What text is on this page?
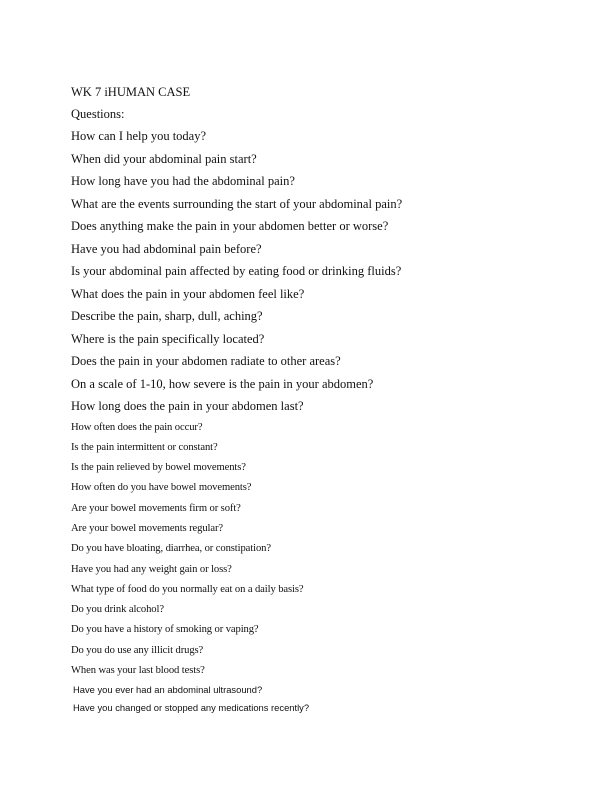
WK 7 iHUMAN CASE
Questions:
How can I help you today?
When did your abdominal pain start?
How long have you had the abdominal pain?
What are the events surrounding the start of your abdominal pain?
Does anything make the pain in your abdomen better or worse?
Have you had abdominal pain before?
Is your abdominal pain affected by eating food or drinking fluids?
What does the pain in your abdomen feel like?
Describe the pain, sharp, dull, aching?
Where is the pain specifically located?
Does the pain in your abdomen radiate to other areas?
On a scale of 1-10, how severe is the pain in your abdomen?
How long does the pain in your abdomen last?
How often does the pain occur?
Is the pain intermittent or constant?
Is the pain relieved by bowel movements?
How often do you have bowel movements?
Are your bowel movements firm or soft?
Are your bowel movements regular?
Do you have bloating, diarrhea, or constipation?
Have you had any weight gain or loss?
What type of food do you normally eat on a daily basis?
Do you drink alcohol?
Do you have a history of smoking or vaping?
Do you do use any illicit drugs?
When was your last blood tests?
Have you ever had an abdominal ultrasound?
Have you changed or stopped any medications recently?
